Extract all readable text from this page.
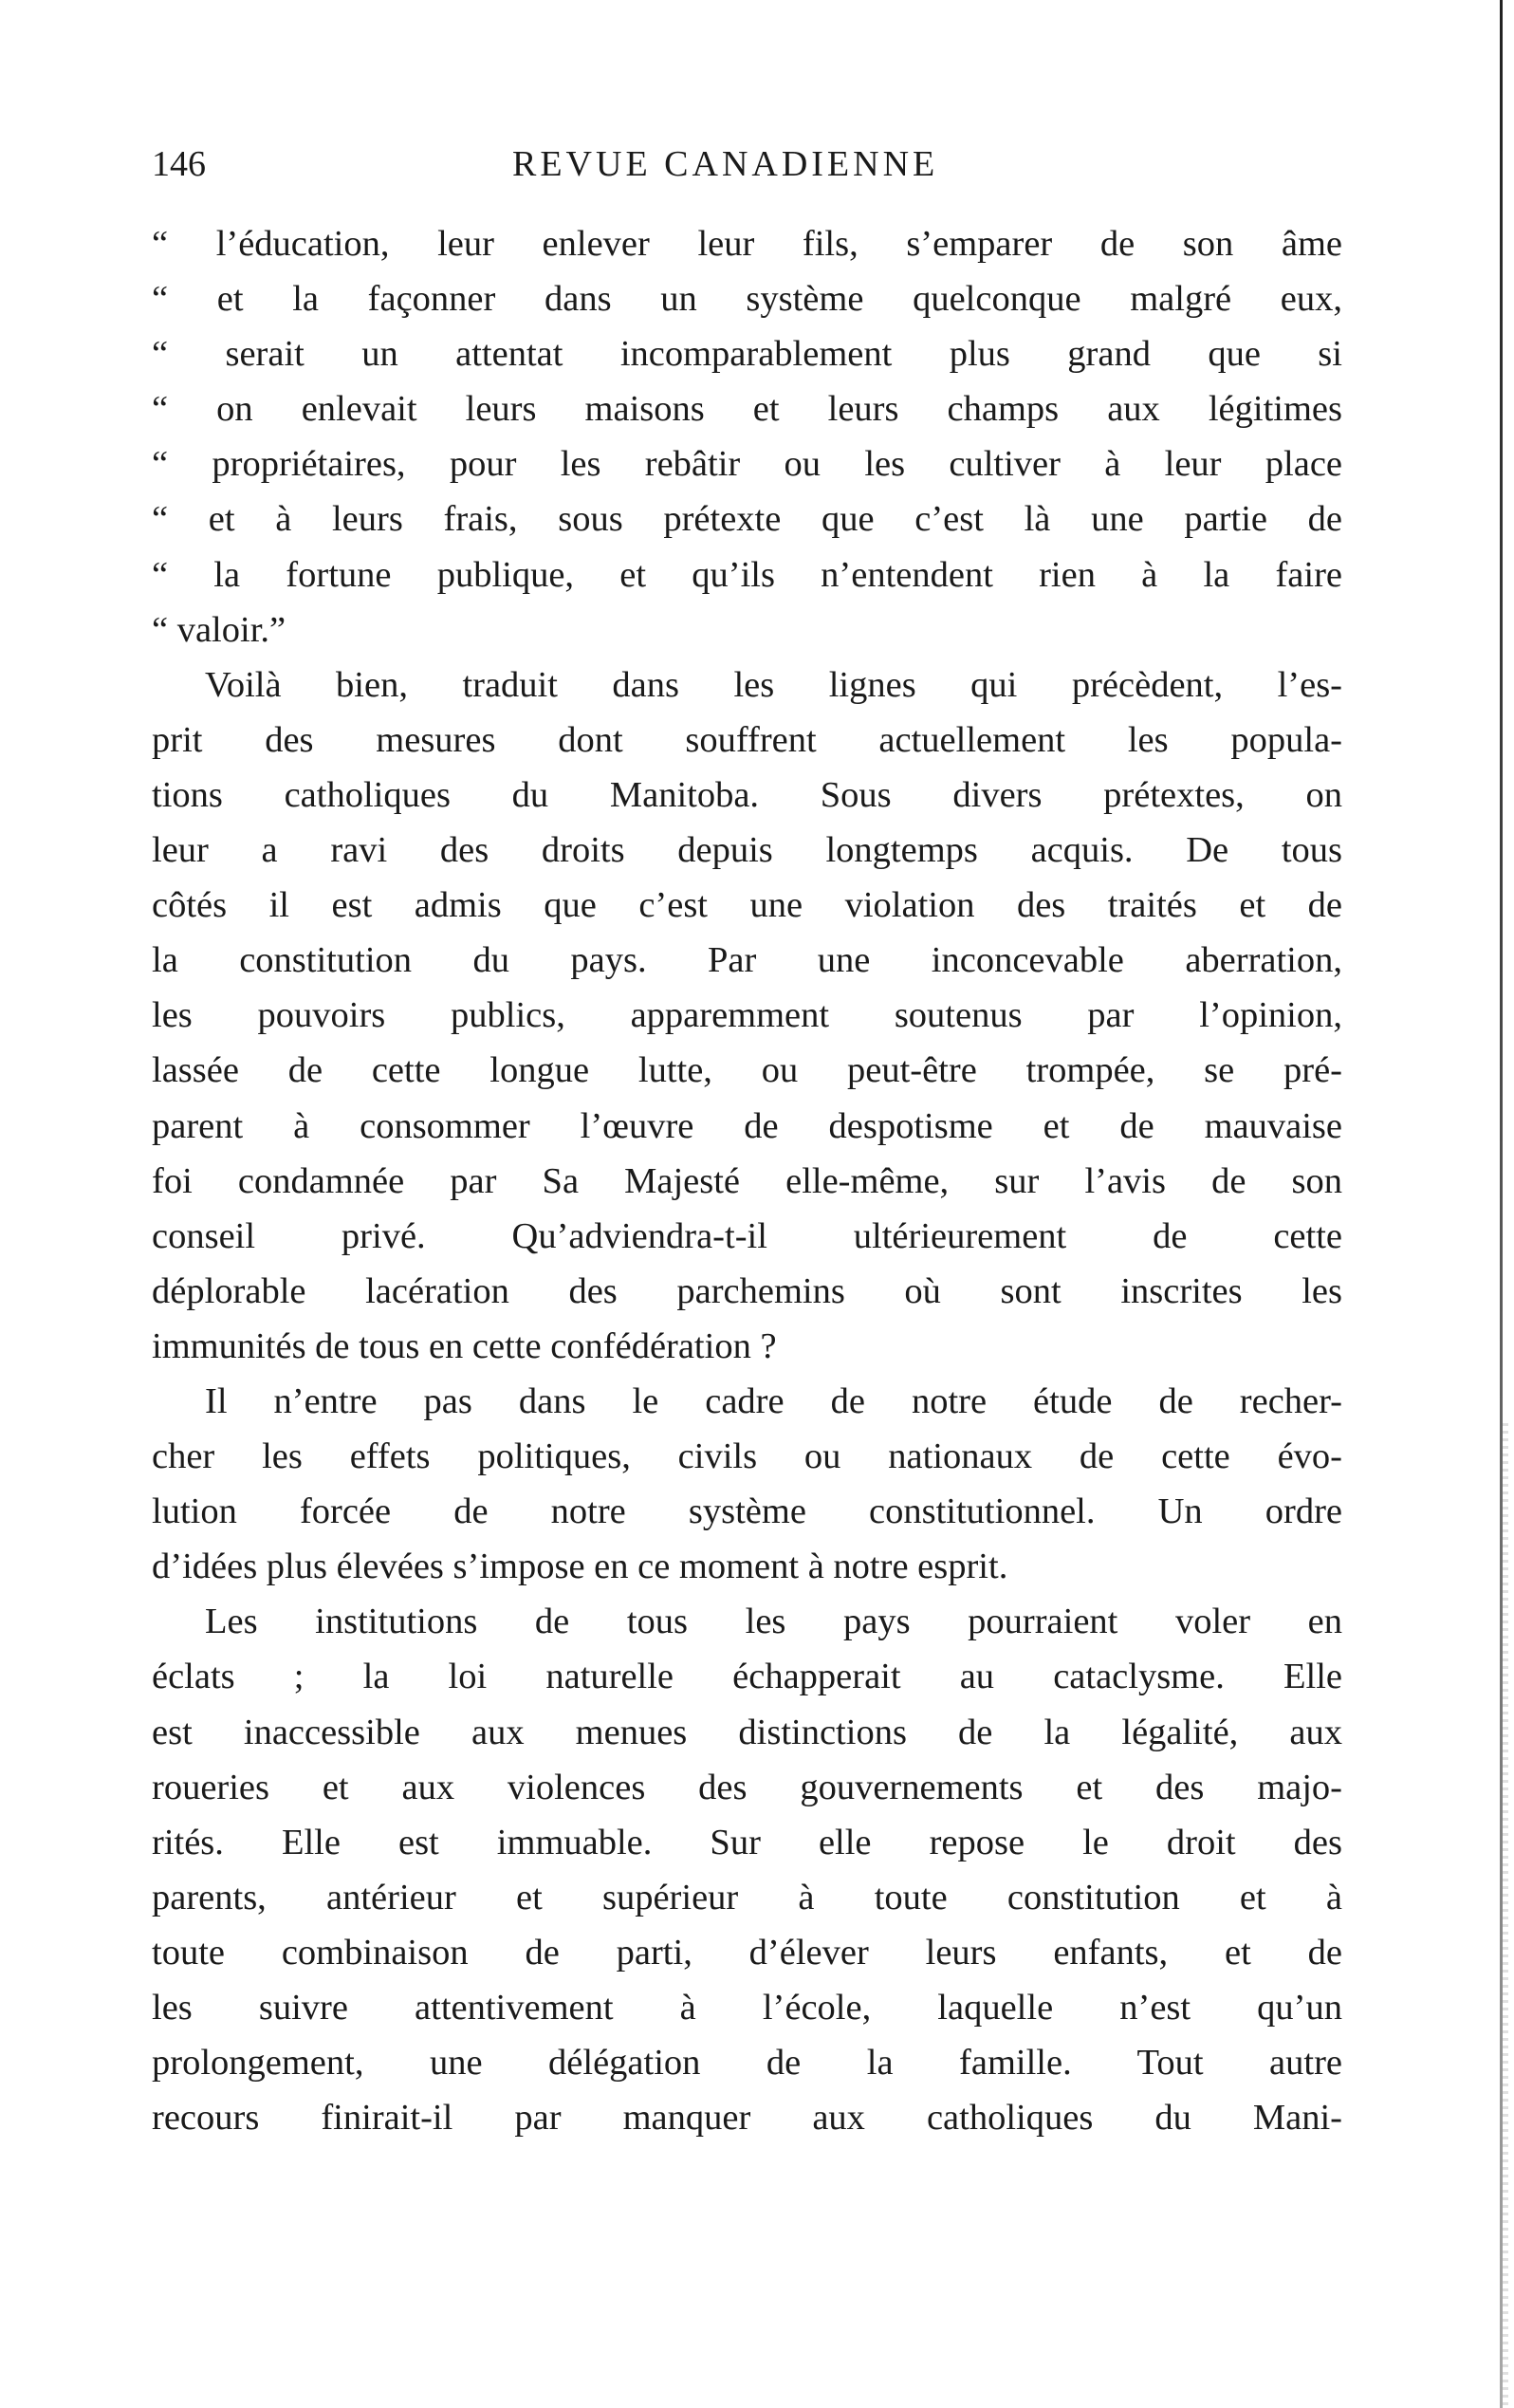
146	REVUE CANADIENNE
“ l’éducation, leur enlever leur fils, s’emparer de son âme
“ et la façonner dans un système quelconque malgré eux,
“ serait un attentat incomparablement plus grand que si
“ on enlevait leurs maisons et leurs champs aux légitimes
“ propriétaires, pour les rebâtir ou les cultiver à leur place
“ et à leurs frais, sous prétexte que c’est là une partie de
“ la fortune publique, et qu’ils n’entendent rien à la faire
“ valoir.”
Voilà bien, traduit dans les lignes qui précèdent, l’es-
prit des mesures dont souffrent actuellement les popula-
tions catholiques du Manitoba. Sous divers prétextes, on
leur a ravi des droits depuis longtemps acquis. De tous
côtés il est admis que c’est une violation des traités et de
la constitution du pays. Par une inconcevable aberration,
les pouvoirs publics, apparemment soutenus par l’opinion,
lassée de cette longue lutte, ou peut-être trompée, se pré-
parent à consommer l’œuvre de despotisme et de mauvaise
foi condamnée par Sa Majesté elle-même, sur l’avis de son
conseil privé. Qu’adviendra-t-il ultérieurement de cette
déplorable lacération des parchemins où sont inscrites les
immunités de tous en cette confédération ?
Il n’entre pas dans le cadre de notre étude de recher-
cher les effets politiques, civils ou nationaux de cette évo-
lution forcée de notre système constitutionnel. Un ordre
d’idées plus élevées s’impose en ce moment à notre esprit.
Les institutions de tous les pays pourraient voler en
éclats ; la loi naturelle échapperait au cataclysme. Elle
est inaccessible aux menues distinctions de la légalité, aux
roueries et aux violences des gouvernements et des majo-
rités. Elle est immuable. Sur elle repose le droit des
parents, antérieur et supérieur à toute constitution et à
toute combinaison de parti, d’élever leurs enfants, et de
les suivre attentivement à l’école, laquelle n’est qu’un
prolongement, une délégation de la famille. Tout autre
recours finirait-il par manquer aux catholiques du Mani-
